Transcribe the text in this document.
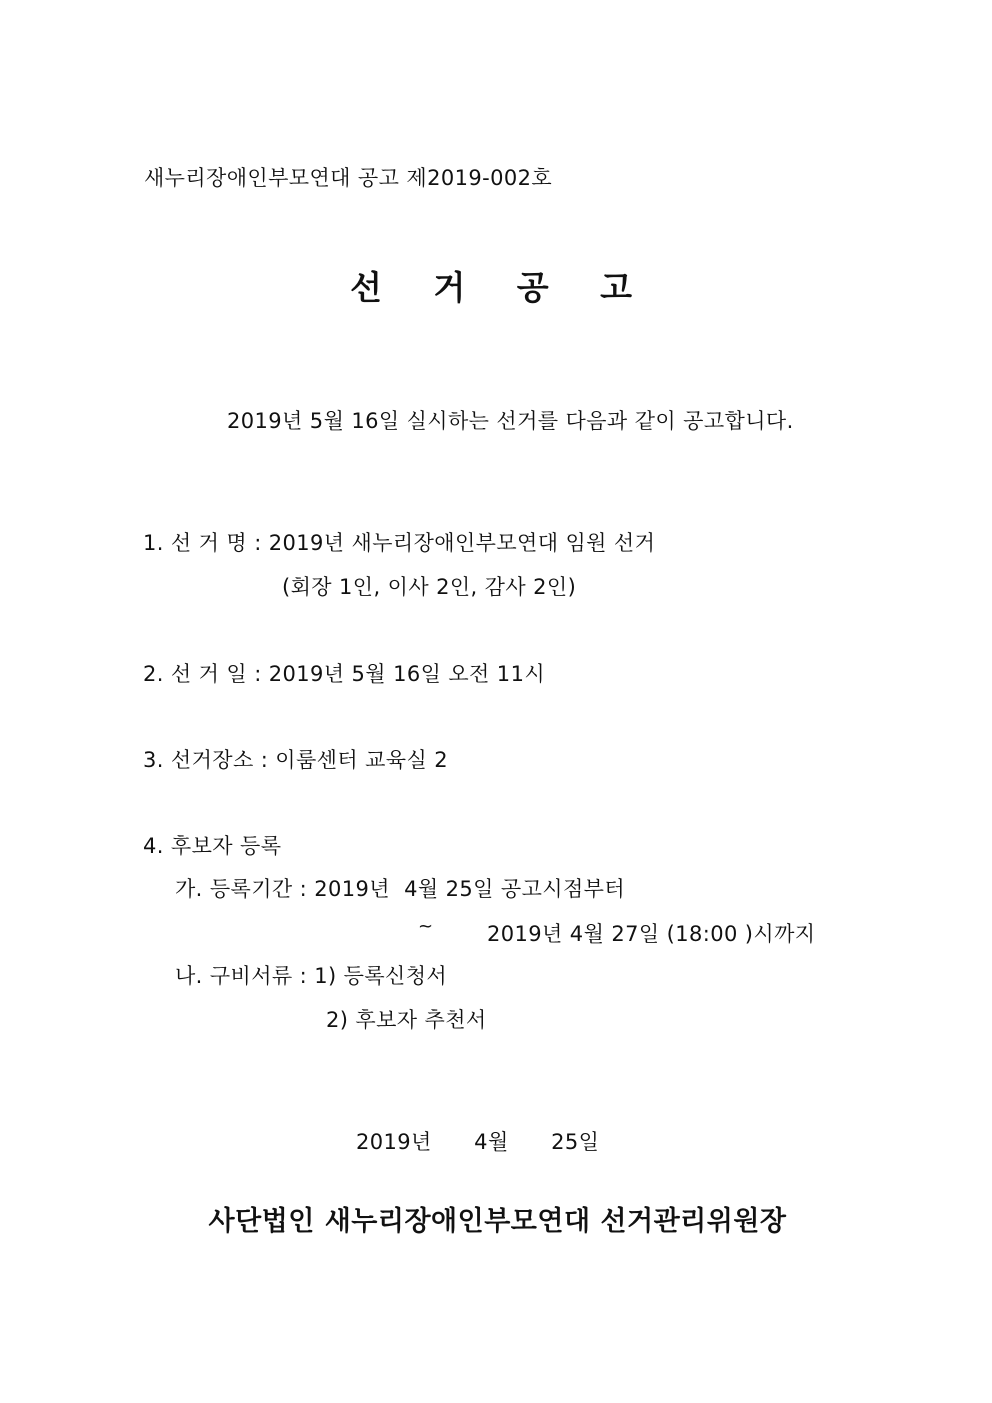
새누리장애인부모연대 공고 제2019-002호
선 거 공 고
2019년 5월 16일 실시하는 선거를 다음과 같이 공고합니다.
1. 선 거 명 : 2019년 새누리장애인부모연대 임원 선거
(회장 1인, 이사 2인, 감사 2인)
2. 선 거 일 : 2019년 5월 16일 오전 11시
3. 선거장소 : 이룸센터 교육실 2
4. 후보자 등록
가. 등록기간 : 2019년  4월 25일 공고시점부터
~	2019년 4월 27일 (18:00 )시까지
나. 구비서류 : 1) 등록신청서
2) 후보자 추천서
2019년      4월      25일
사단법인 새누리장애인부모연대 선거관리위원장
